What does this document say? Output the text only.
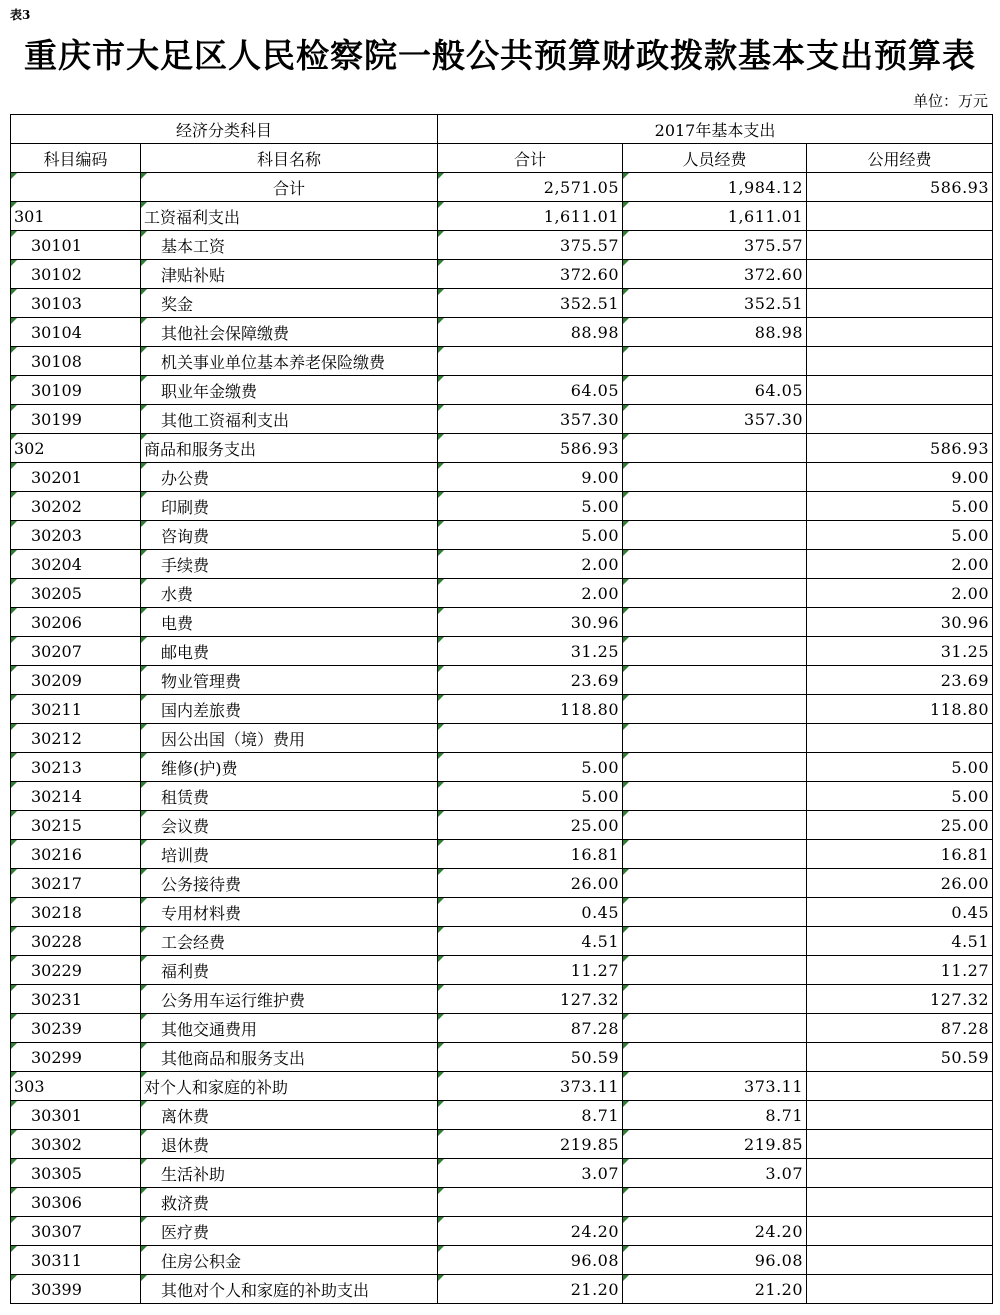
表3
重庆市大足区人民检察院一般公共预算财政拨款基本支出预算表
单位：万元
经济分类科目		2017年基本支出		
科目编码	科目名称	合计	人员经费	公用经费
	合计	2,571.05	1,984.12	586.93
301	工资福利支出	1,611.01	1,611.01	
30101	基本工资	375.57	375.57	
30102	津贴补贴	372.60	372.60	
30103	奖金	352.51	352.51	
30104	其他社会保障缴费	88.98	88.98	
30108	机关事业单位基本养老保险缴费			
30109	职业年金缴费	64.05	64.05	
30199	其他工资福利支出	357.30	357.30	
302	商品和服务支出	586.93		586.93
30201	办公费	9.00		9.00
30202	印刷费	5.00		5.00
30203	咨询费	5.00		5.00
30204	手续费	2.00		2.00
30205	水费	2.00		2.00
30206	电费	30.96		30.96
30207	邮电费	31.25		31.25
30209	物业管理费	23.69		23.69
30211	国内差旅费	118.80		118.80
30212	因公出国（境）费用			
30213	维修(护)费	5.00		5.00
30214	租赁费	5.00		5.00
30215	会议费	25.00		25.00
30216	培训费	16.81		16.81
30217	公务接待费	26.00		26.00
30218	专用材料费	0.45		0.45
30228	工会经费	4.51		4.51
30229	福利费	11.27		11.27
30231	公务用车运行维护费	127.32		127.32
30239	其他交通费用	87.28		87.28
30299	其他商品和服务支出	50.59		50.59
303	对个人和家庭的补助	373.11	373.11	
30301	离休费	8.71	8.71	
30302	退休费	219.85	219.85	
30305	生活补助	3.07	3.07	
30306	救济费			
30307	医疗费	24.20	24.20	
30311	住房公积金	96.08	96.08	
30399	其他对个人和家庭的补助支出	21.20	21.20	
